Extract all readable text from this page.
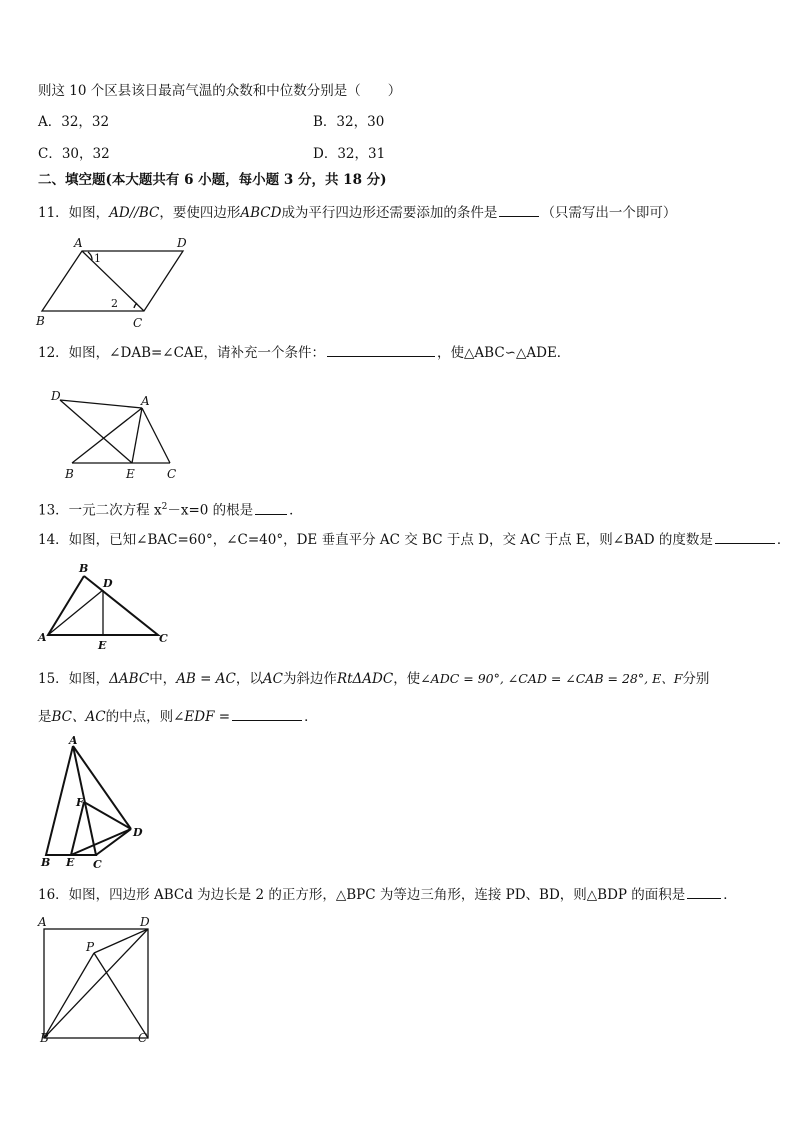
则这 10 个区县该日最高气温的众数和中位数分别是（　　）
A．32，32	B．32，30
C．30，32	D．32，31
二、填空题(本大题共有 6 小题，每小题 3 分，共 18 分)
11．如图，AD//BC，要使四边形ABCD成为平行四边形还需要添加的条件是	（只需写出一个即可）
A	D
B	C
1
2
12．如图，∠DAB=∠CAE，请补充一个条件：	，使△ABC∽△ADE．
D	A
B	E	C
13．一元二次方程 $x^2-x=0$ 的根是	．
14．如图，已知∠BAC=60°，∠C=40°，DE 垂直平分 AC 交 BC 于点 D，交 AC 于点 E，则∠BAD 的度数是	．
B
D
A
E
C
15．如图，ΔABC中，AB = AC，以AC为斜边作RtΔADC，使∠ADC = 90°, ∠CAD = ∠CAB = 28°, E、F分别
是BC、AC的中点，则∠EDF =	．
A
F
D
B E C
16．如图，四边形 ABCd 为边长是 2 的正方形，△BPC 为等边三角形，连接 PD、BD，则△BDP 的面积是	．
A	D
P
B	C
